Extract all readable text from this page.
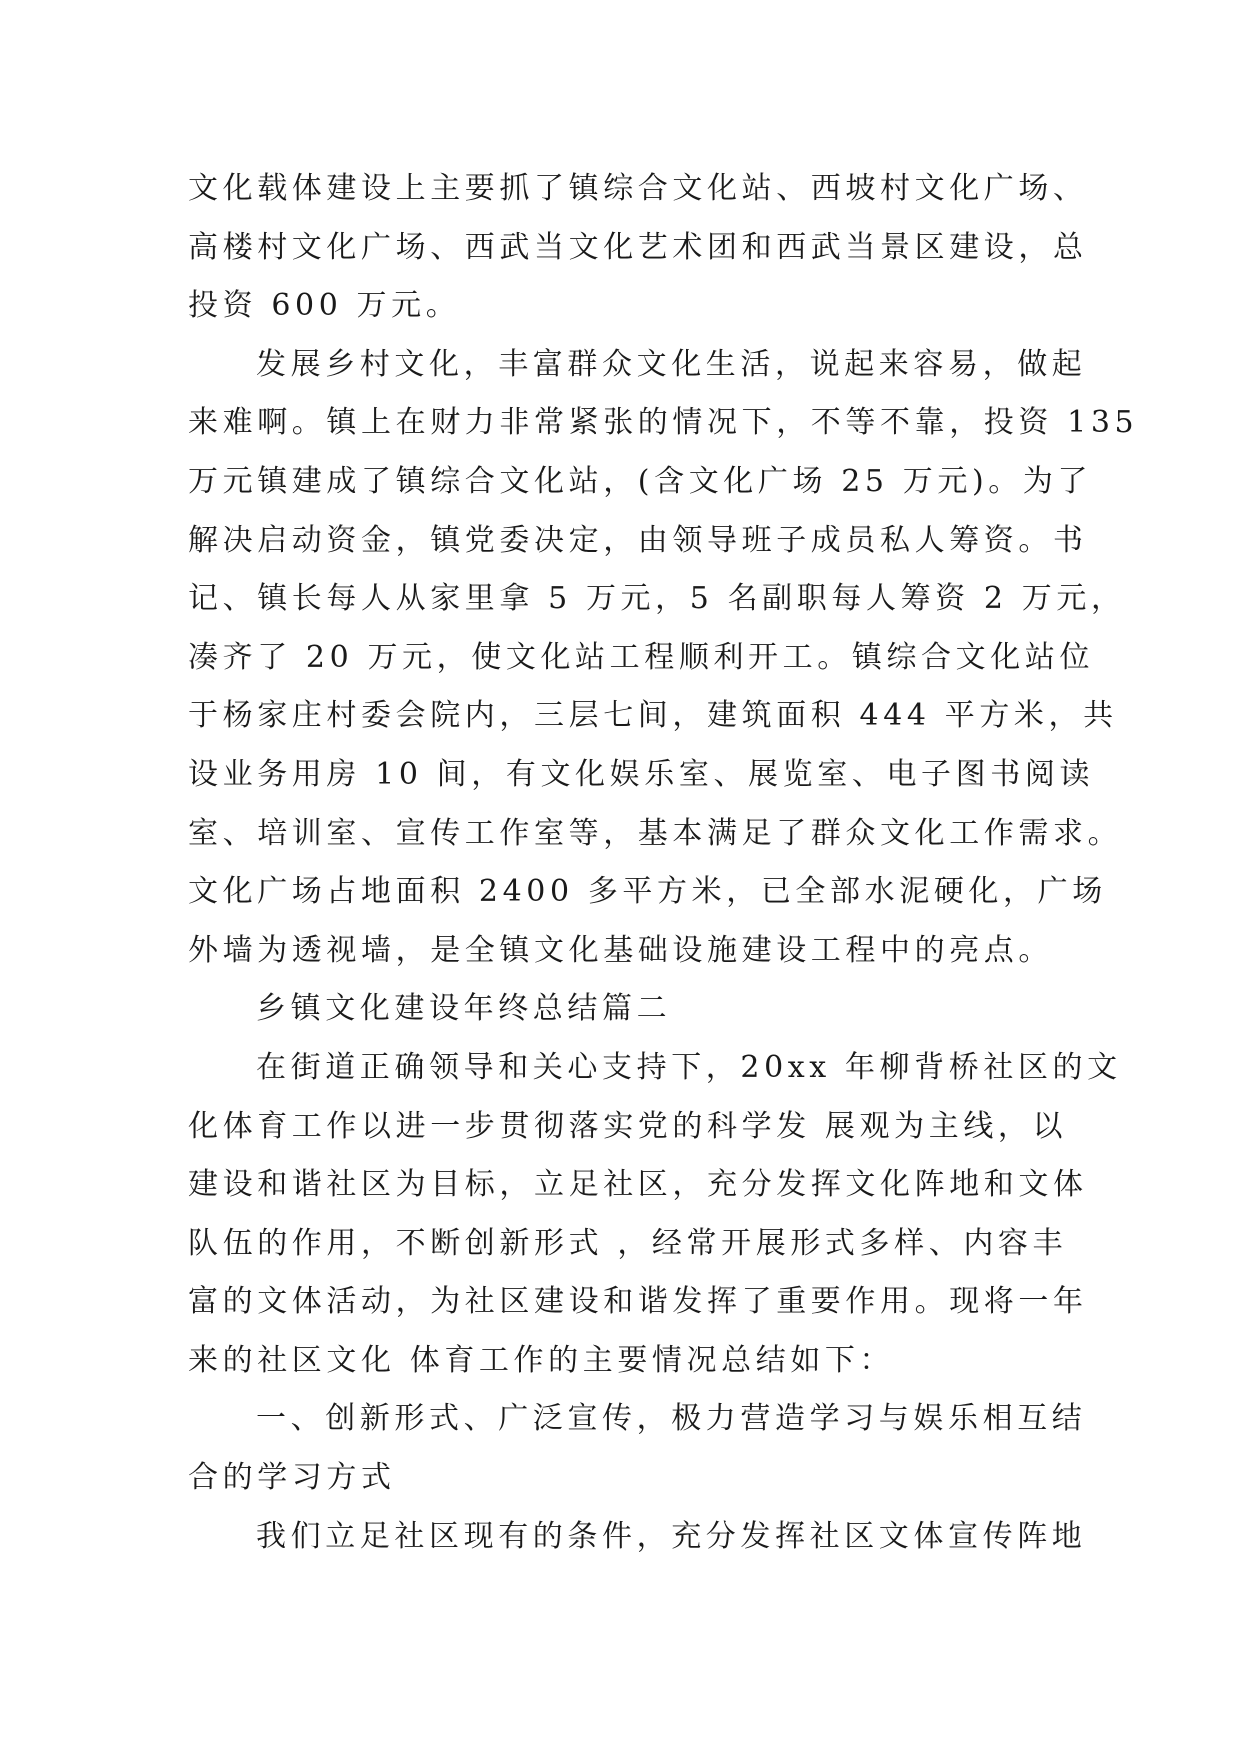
文化载体建设上主要抓了镇综合文化站、西坡村文化广场、
高楼村文化广场、西武当文化艺术团和西武当景区建设，总
投资 600 万元。
发展乡村文化，丰富群众文化生活，说起来容易，做起
来难啊。镇上在财力非常紧张的情况下，不等不靠，投资 135
万元镇建成了镇综合文化站，(含文化广场 25 万元)。为了
解决启动资金，镇党委决定，由领导班子成员私人筹资。书
记、镇长每人从家里拿 5 万元，5 名副职每人筹资 2 万元，
凑齐了 20 万元，使文化站工程顺利开工。镇综合文化站位
于杨家庄村委会院内，三层七间，建筑面积 444 平方米，共
设业务用房 10 间，有文化娱乐室、展览室、电子图书阅读
室、培训室、宣传工作室等，基本满足了群众文化工作需求。
文化广场占地面积 2400 多平方米，已全部水泥硬化，广场
外墙为透视墙，是全镇文化基础设施建设工程中的亮点。
乡镇文化建设年终总结篇二
在街道正确领导和关心支持下，20xx 年柳背桥社区的文
化体育工作以进一步贯彻落实党的科学发 展观为主线，以
建设和谐社区为目标，立足社区，充分发挥文化阵地和文体
队伍的作用，不断创新形式 ，经常开展形式多样、内容丰
富的文体活动，为社区建设和谐发挥了重要作用。现将一年
来的社区文化 体育工作的主要情况总结如下：
一、创新形式、广泛宣传，极力营造学习与娱乐相互结
合的学习方式
我们立足社区现有的条件，充分发挥社区文体宣传阵地
